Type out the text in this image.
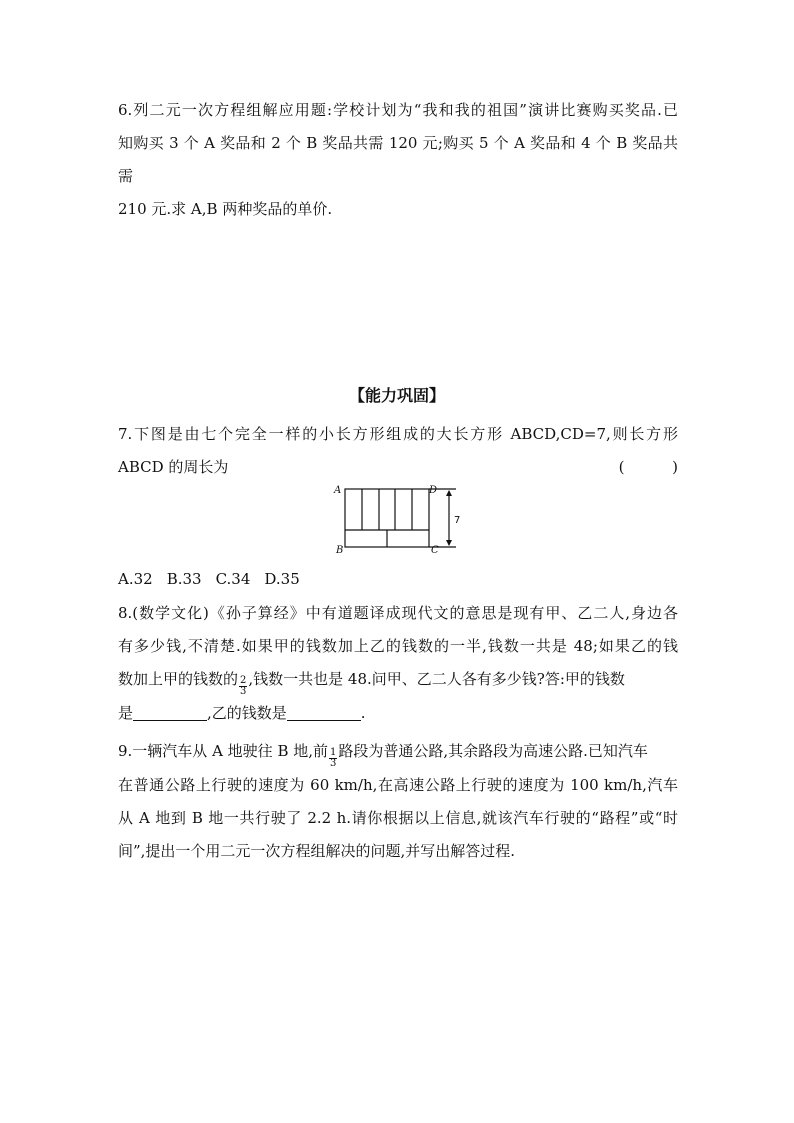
6.列二元一次方程组解应用题:学校计划为“我和我的祖国”演讲比赛购买奖品.已
知购买 3 个 A 奖品和 2 个 B 奖品共需 120 元;购买 5 个 A 奖品和 4 个 B 奖品共需
210 元.求 A,B 两种奖品的单价.
【能力巩固】
7.下图是由七个完全一样的小长方形组成的大长方形 ABCD,CD=7,则长方形
ABCD 的周长为	(          )
A
B	C
D
7
A.32 B.33 C.34 D.35
8.(数学文化)《孙子算经》中有道题译成现代文的意思是现有甲、乙二人,身边各
有多少钱,不清楚.如果甲的钱数加上乙的钱数的一半,钱数一共是 48;如果乙的钱
数加上甲的钱数的 $\frac{2}{3}$ ,钱数一共也是 48.问甲、乙二人各有多少钱?答:甲的钱数
是	,乙的钱数是	.
9.一辆汽车从 A 地驶往 B 地,前 $\frac{1}{3}$ 路段为普通公路,其余路段为高速公路.已知汽车
在普通公路上行驶的速度为 60 km/h,在高速公路上行驶的速度为 100 km/h,汽车
从 A 地到 B 地一共行驶了 2.2 h.请你根据以上信息,就该汽车行驶的“路程”或“时
间”,提出一个用二元一次方程组解决的问题,并写出解答过程.
